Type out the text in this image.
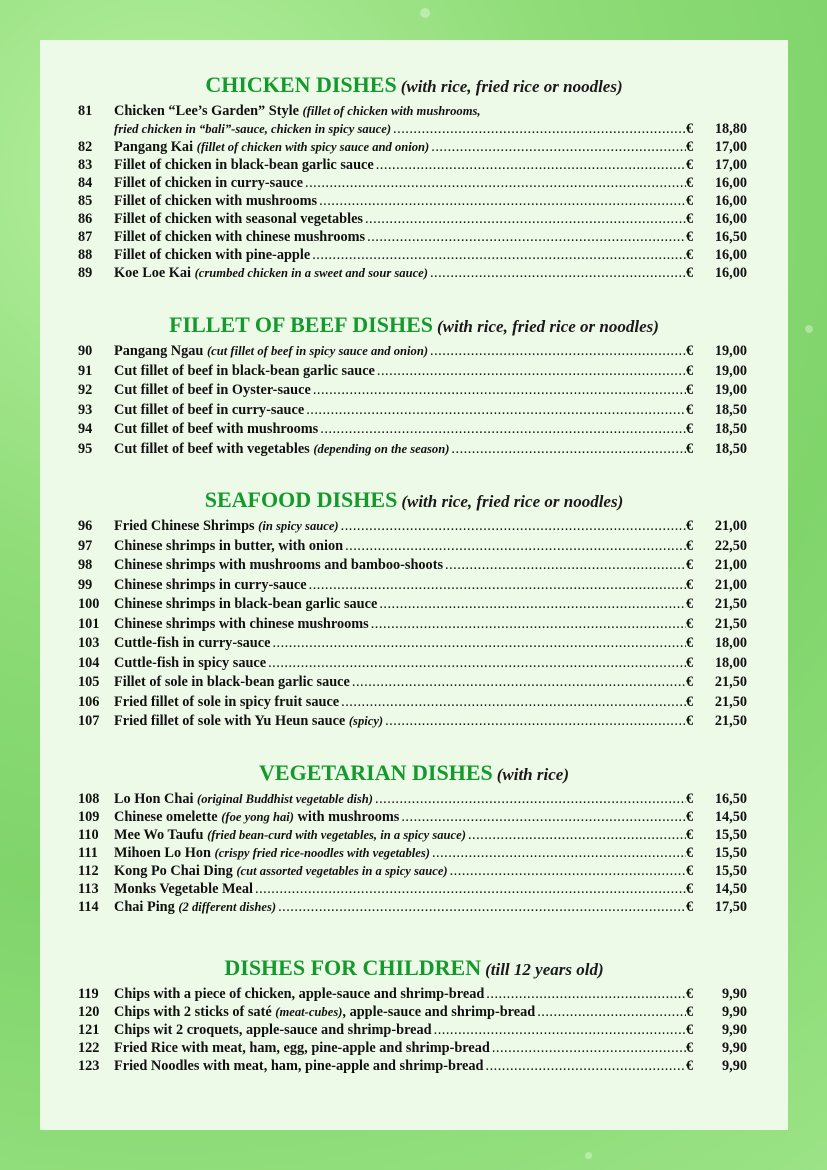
CHICKEN DISHES (with rice, fried rice or noodles)
81	Chicken “Lee’s Garden” Style (fillet of chicken with mushrooms,
fried chicken in “bali”-sauce, chicken in spicy sauce) .....	€	18,80
82	Pangang Kai (fillet of chicken with spicy sauce and onion) .....	€	17,00
83	Fillet of chicken in black-bean garlic sauce .....	€	17,00
84	Fillet of chicken in curry-sauce .....	€	16,00
85	Fillet of chicken with mushrooms .....	€	16,00
86	Fillet of chicken with seasonal vegetables .....	€	16,00
87	Fillet of chicken with chinese mushrooms .....	€	16,50
88	Fillet of chicken with pine-apple .....	€	16,00
89	Koe Loe Kai (crumbed chicken in a sweet and sour sauce) .....	€	16,00
FILLET OF BEEF DISHES (with rice, fried rice or noodles)
90	Pangang Ngau (cut fillet of beef in spicy sauce and onion) .....	€	19,00
91	Cut fillet of beef in black-bean garlic sauce .....	€	19,00
92	Cut fillet of beef in Oyster-sauce .....	€	19,00
93	Cut fillet of beef in curry-sauce .....	€	18,50
94	Cut fillet of beef with mushrooms .....	€	18,50
95	Cut fillet of beef with vegetables (depending on the season) .....	€	18,50
SEAFOOD DISHES (with rice, fried rice or noodles)
96	Fried Chinese Shrimps (in spicy sauce) .....	€	21,00
97	Chinese shrimps in butter, with onion .....	€	22,50
98	Chinese shrimps with mushrooms and bamboo-shoots .....	€	21,00
99	Chinese shrimps in curry-sauce .....	€	21,00
100	Chinese shrimps in black-bean garlic sauce .....	€	21,50
101	Chinese shrimps with chinese mushrooms .....	€	21,50
103	Cuttle-fish in curry-sauce .....	€	18,00
104	Cuttle-fish in spicy sauce .....	€	18,00
105	Fillet of sole in black-bean garlic sauce .....	€	21,50
106	Fried fillet of sole in spicy fruit sauce .....	€	21,50
107	Fried fillet of sole with Yu Heun sauce (spicy) .....	€	21,50
VEGETARIAN DISHES (with rice)
108	Lo Hon Chai (original Buddhist vegetable dish) .....	€	16,50
109	Chinese omelette (foe yong hai) with mushrooms .....	€	14,50
110	Mee Wo Taufu (fried bean-curd with vegetables, in a spicy sauce) .....	€	15,50
111	Mihoen Lo Hon (crispy fried rice-noodles with vegetables) .....	€	15,50
112	Kong Po Chai Ding (cut assorted vegetables in a spicy sauce) .....	€	15,50
113	Monks Vegetable Meal .....	€	14,50
114	Chai Ping (2 different dishes) .....	€	17,50
DISHES FOR CHILDREN (till 12 years old)
119	Chips with a piece of chicken, apple-sauce and shrimp-bread .....	€	9,90
120	Chips with 2 sticks of saté (meat-cubes), apple-sauce and shrimp-bread .....	€	9,90
121	Chips wit 2 croquets, apple-sauce and shrimp-bread .....	€	9,90
122	Fried Rice with meat, ham, egg, pine-apple and shrimp-bread .....	€	9,90
123	Fried Noodles with meat, ham, pine-apple and shrimp-bread .....	€	9,90
